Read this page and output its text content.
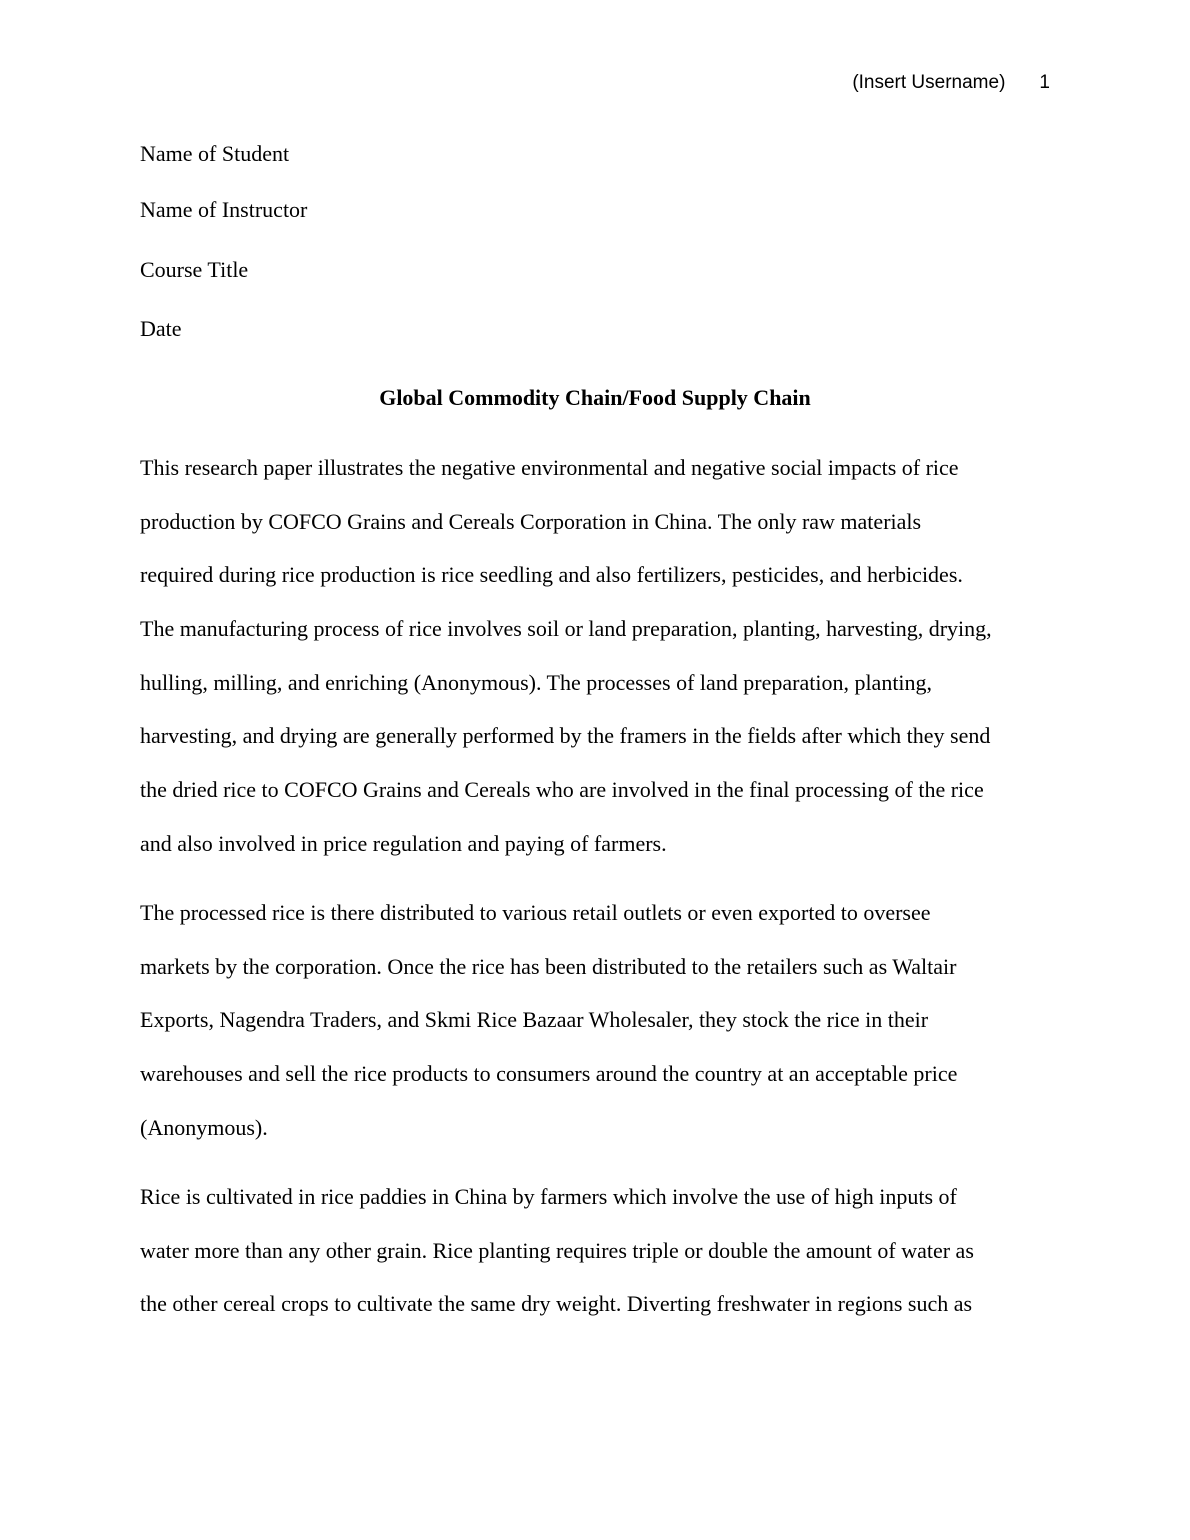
(Insert Username) 1
Name of Student
Name of Instructor
Course Title
Date
Global Commodity Chain/Food Supply Chain
This research paper illustrates the negative environmental and negative social impacts of rice
production by COFCO Grains and Cereals Corporation in China. The only raw materials
required during rice production is rice seedling and also fertilizers, pesticides, and herbicides.
The manufacturing process of rice involves soil or land preparation, planting, harvesting, drying,
hulling, milling, and enriching (Anonymous). The processes of land preparation, planting,
harvesting, and drying are generally performed by the framers in the fields after which they send
the dried rice to COFCO Grains and Cereals who are involved in the final processing of the rice
and also involved in price regulation and paying of farmers.
The processed rice is there distributed to various retail outlets or even exported to oversee
markets by the corporation. Once the rice has been distributed to the retailers such as Waltair
Exports, Nagendra Traders, and Skmi Rice Bazaar Wholesaler, they stock the rice in their
warehouses and sell the rice products to consumers around the country at an acceptable price
(Anonymous).
Rice is cultivated in rice paddies in China by farmers which involve the use of high inputs of
water more than any other grain. Rice planting requires triple or double the amount of water as
the other cereal crops to cultivate the same dry weight. Diverting freshwater in regions such as
